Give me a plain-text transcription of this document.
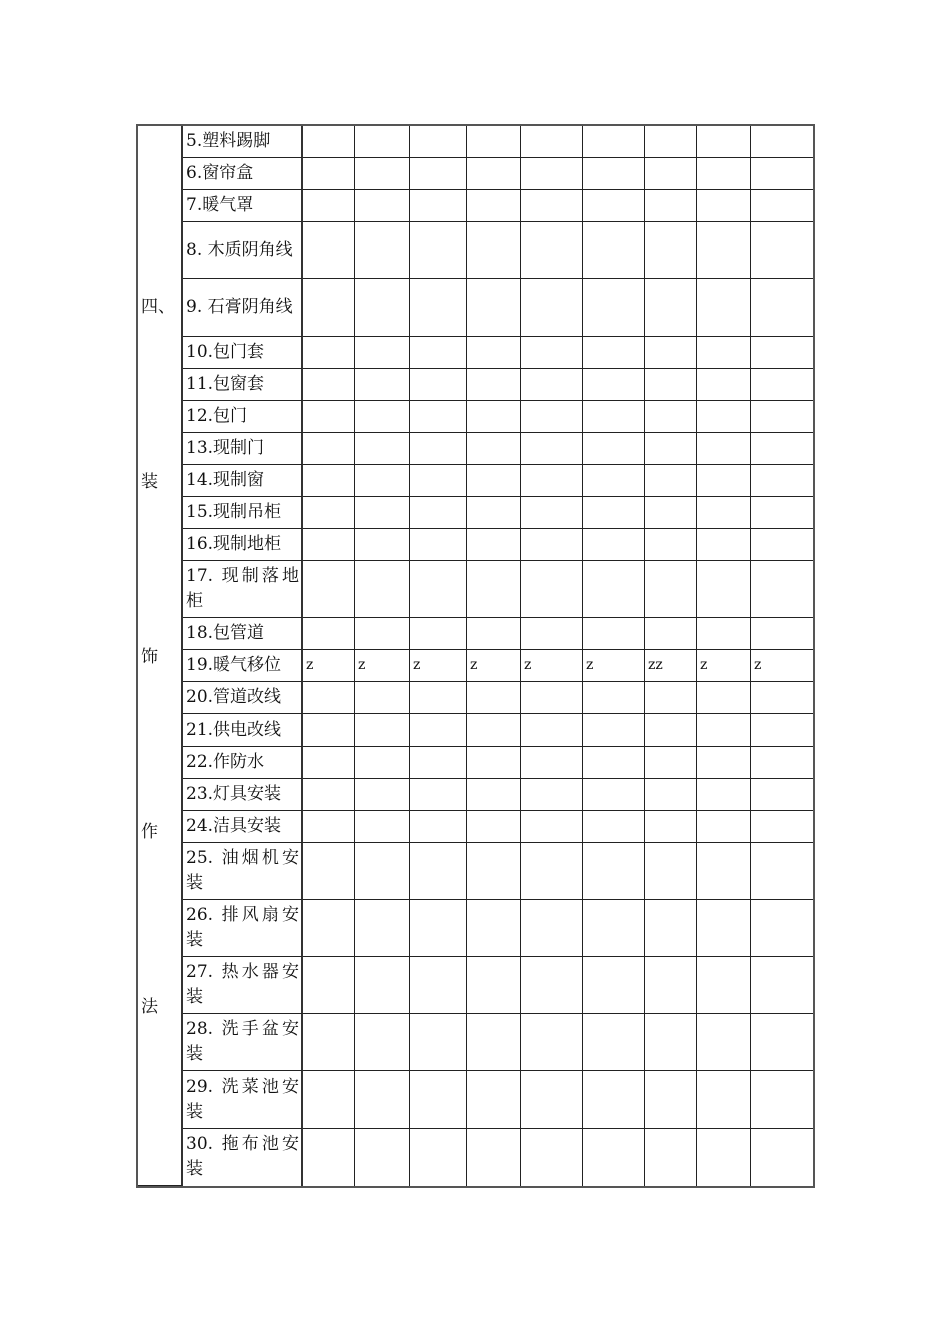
四、
装
饰
作
法	5.塑料踢脚									
	6.窗帘盒									
	7.暖气罩									
	8. 木质阴角线									
	9. 石膏阴角线									
	10.包门套									
	11.包窗套									
	12.包门									
	13.现制门									
	14.现制窗									
	15.现制吊柜									
	16.现制地柜									
	17. 现制落地柜									
	18.包管道									
	19.暖气移位	z	z	z	z	z	z	zz	z	z
	20.管道改线									
	21.供电改线									
	22.作防水									
	23.灯具安装									
	24.洁具安装									
	25. 油烟机安装									
	26. 排风扇安装									
	27. 热水器安装									
	28. 洗手盆安装									
	29. 洗菜池安装									
	30. 拖布池安装									
